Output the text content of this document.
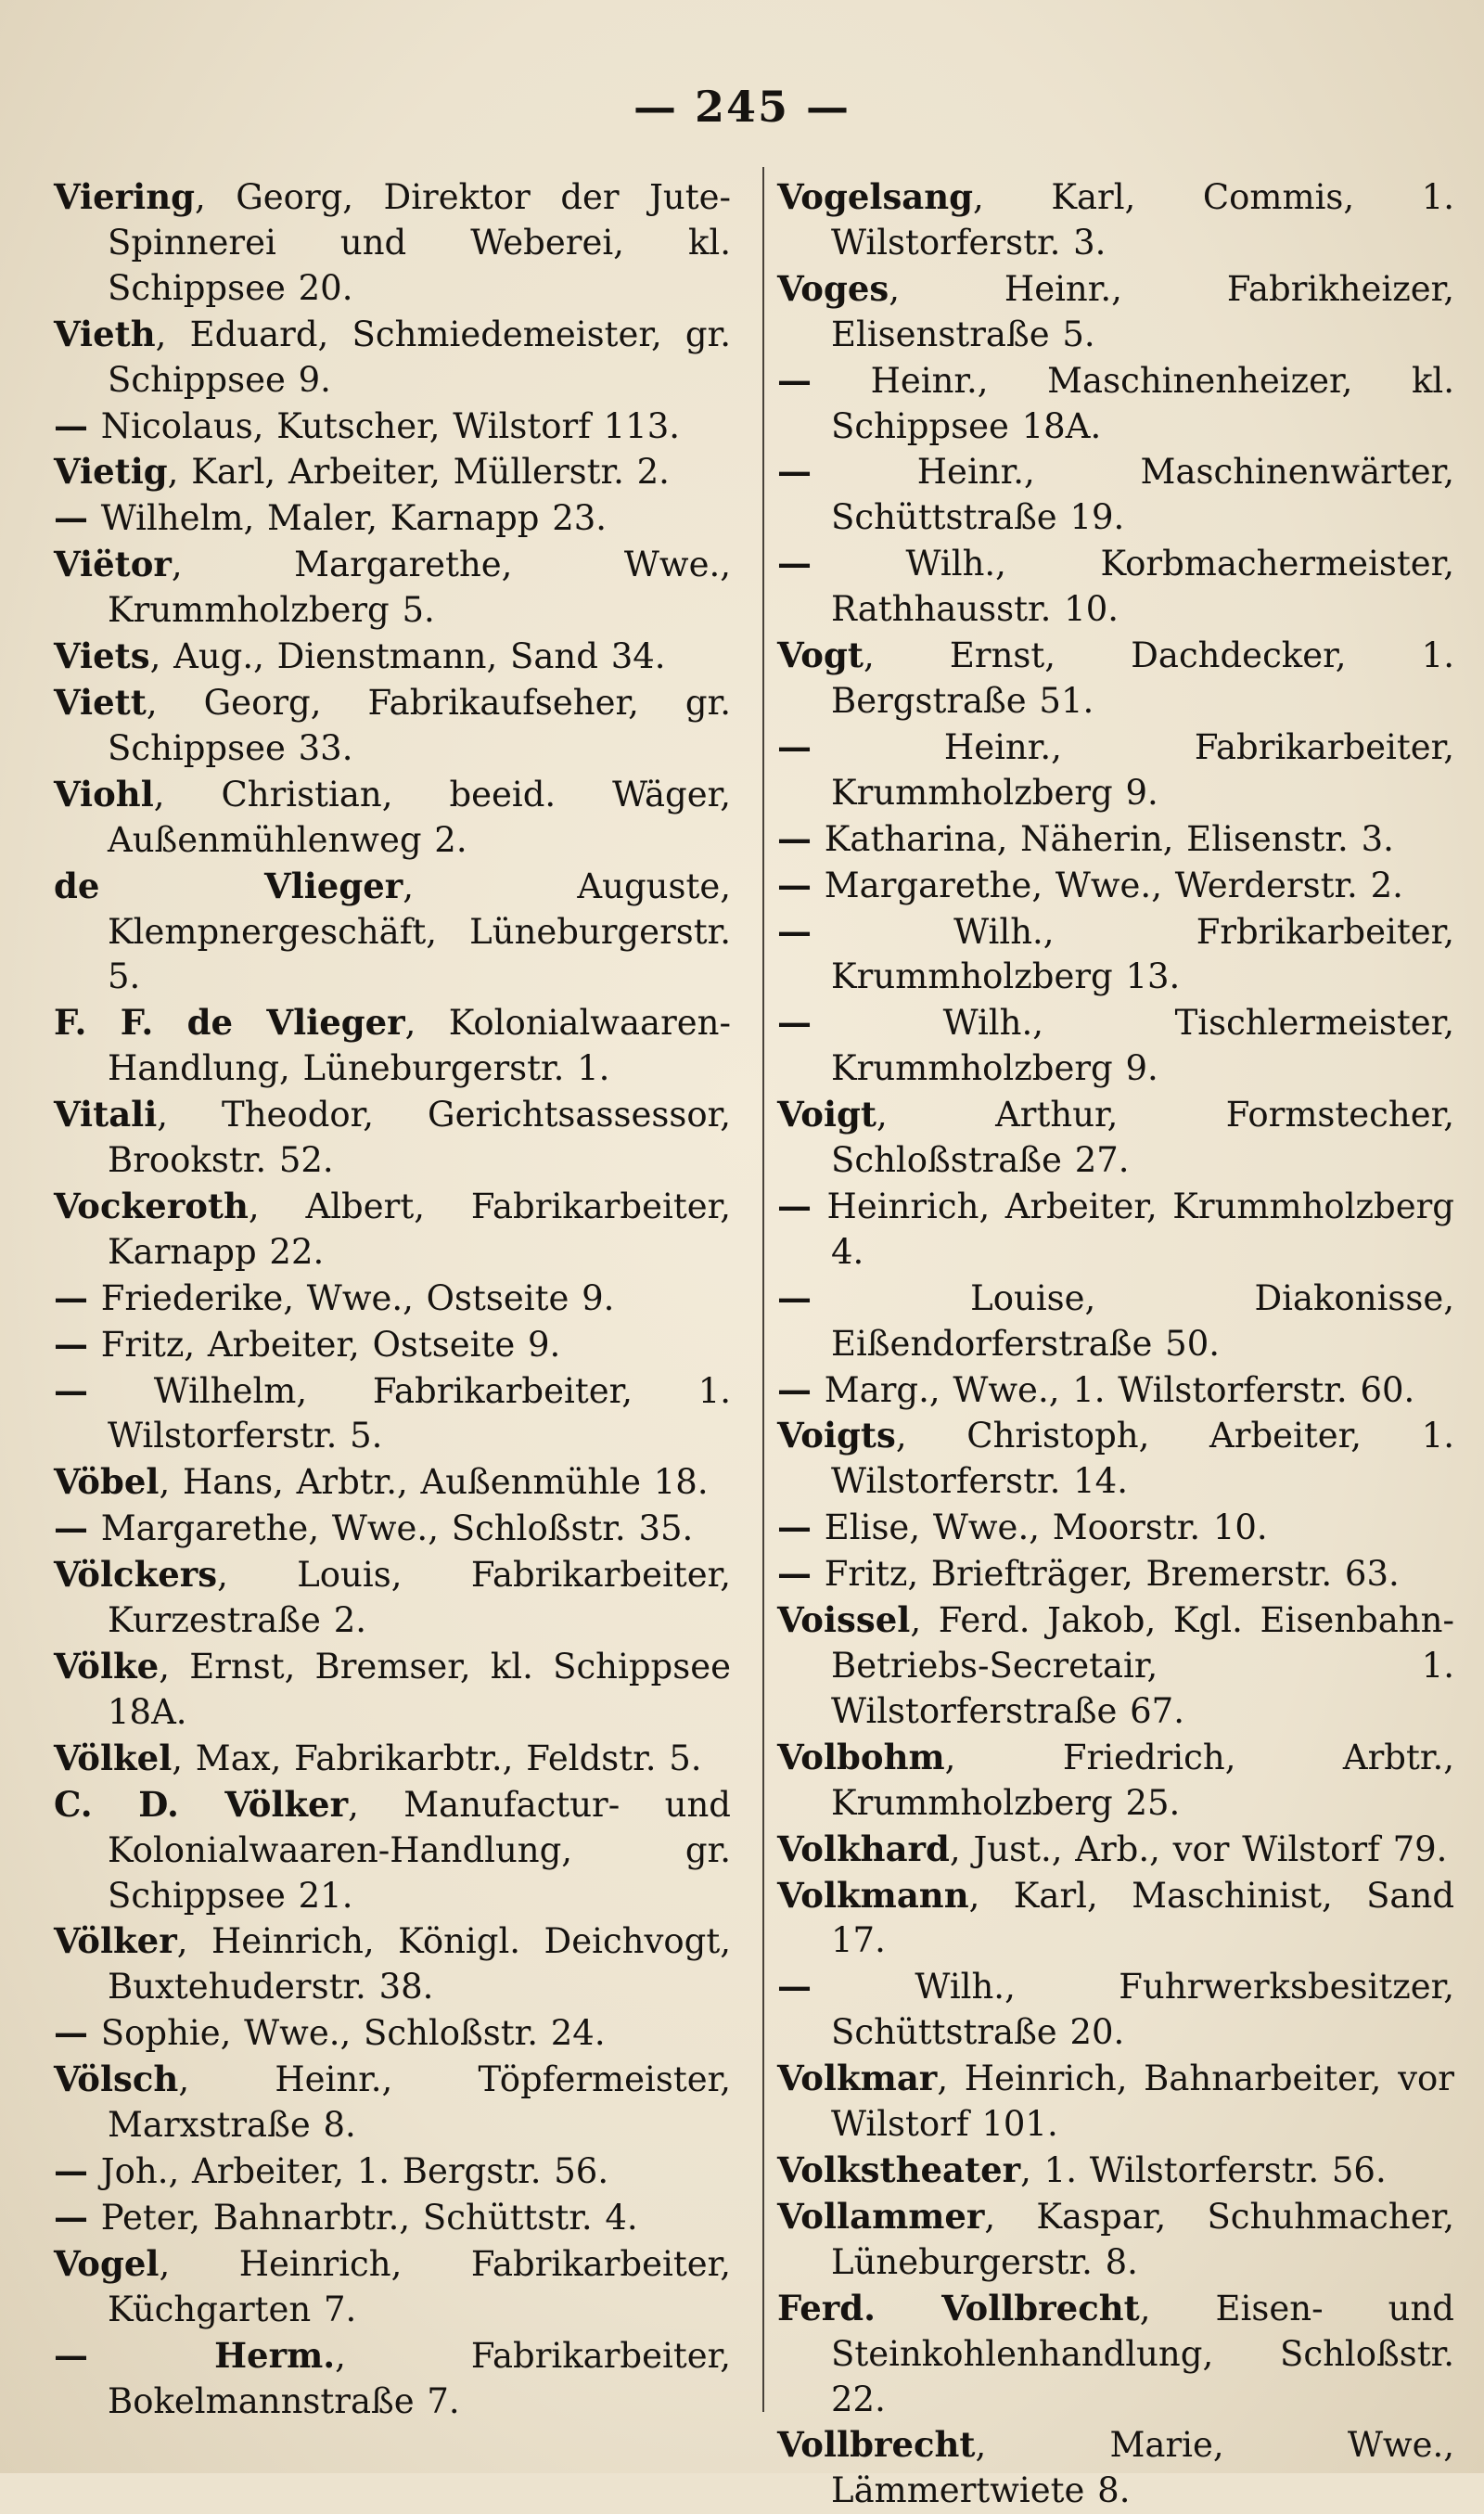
— 245 —
Viering, Georg, Direktor der Jute-Spinnerei und Weberei, kl. Schippsee 20.
Vieth, Eduard, Schmiedemeister, gr. Schippsee 9.
— Nicolaus, Kutscher, Wilstorf 113.
Vietig, Karl, Arbeiter, Müllerstr. 2.
— Wilhelm, Maler, Karnapp 23.
Viëtor, Margarethe, Wwe., Krummholzberg 5.
Viets, Aug., Dienstmann, Sand 34.
Viett, Georg, Fabrikaufseher, gr. Schippsee 33.
Viohl, Christian, beeid. Wäger, Außenmühlenweg 2.
de Vlieger, Auguste, Klempnergeschäft, Lüneburgerstr. 5.
F. F. de Vlieger, Kolonialwaaren-Handlung, Lüneburgerstr. 1.
Vitali, Theodor, Gerichtsassessor, Brookstr. 52.
Vockeroth, Albert, Fabrikarbeiter, Karnapp 22.
— Friederike, Wwe., Ostseite 9.
— Fritz, Arbeiter, Ostseite 9.
— Wilhelm, Fabrikarbeiter, 1. Wilstorferstr. 5.
Vöbel, Hans, Arbtr., Außenmühle 18.
— Margarethe, Wwe., Schloßstr. 35.
Völckers, Louis, Fabrikarbeiter, Kurzestraße 2.
Völke, Ernst, Bremser, kl. Schippsee 18A.
Völkel, Max, Fabrikarbtr., Feldstr. 5.
C. D. Völker, Manufactur- und Kolonialwaaren-Handlung, gr. Schippsee 21.
Völker, Heinrich, Königl. Deichvogt, Buxtehuderstr. 38.
— Sophie, Wwe., Schloßstr. 24.
Völsch, Heinr., Töpfermeister, Marxstraße 8.
— Joh., Arbeiter, 1. Bergstr. 56.
— Peter, Bahnarbtr., Schüttstr. 4.
Vogel, Heinrich, Fabrikarbeiter, Küchgarten 7.
— Herm., Fabrikarbeiter, Bokelmannstraße 7.
Vogelsang, Karl, Commis, 1. Wilstorferstr. 3.
Voges, Heinr., Fabrikheizer, Elisenstraße 5.
— Heinr., Maschinenheizer, kl. Schippsee 18A.
— Heinr., Maschinenwärter, Schüttstraße 19.
— Wilh., Korbmachermeister, Rathhausstr. 10.
Vogt, Ernst, Dachdecker, 1. Bergstraße 51.
— Heinr., Fabrikarbeiter, Krummholzberg 9.
— Katharina, Näherin, Elisenstr. 3.
— Margarethe, Wwe., Werderstr. 2.
— Wilh., Frbrikarbeiter, Krummholzberg 13.
— Wilh., Tischlermeister, Krummholzberg 9.
Voigt, Arthur, Formstecher, Schloßstraße 27.
— Heinrich, Arbeiter, Krummholzberg 4.
— Louise, Diakonisse, Eißendorferstraße 50.
— Marg., Wwe., 1. Wilstorferstr. 60.
Voigts, Christoph, Arbeiter, 1. Wilstorferstr. 14.
— Elise, Wwe., Moorstr. 10.
— Fritz, Briefträger, Bremerstr. 63.
Voissel, Ferd. Jakob, Kgl. Eisenbahn-Betriebs-Secretair, 1. Wilstorferstraße 67.
Volbohm, Friedrich, Arbtr., Krummholzberg 25.
Volkhard, Just., Arb., vor Wilstorf 79.
Volkmann, Karl, Maschinist, Sand 17.
— Wilh., Fuhrwerksbesitzer, Schüttstraße 20.
Volkmar, Heinrich, Bahnarbeiter, vor Wilstorf 101.
Volkstheater, 1. Wilstorferstr. 56.
Vollammer, Kaspar, Schuhmacher, Lüneburgerstr. 8.
Ferd. Vollbrecht, Eisen- und Steinkohlenhandlung, Schloßstr. 22.
Vollbrecht, Marie, Wwe., Lämmertwiete 8.
